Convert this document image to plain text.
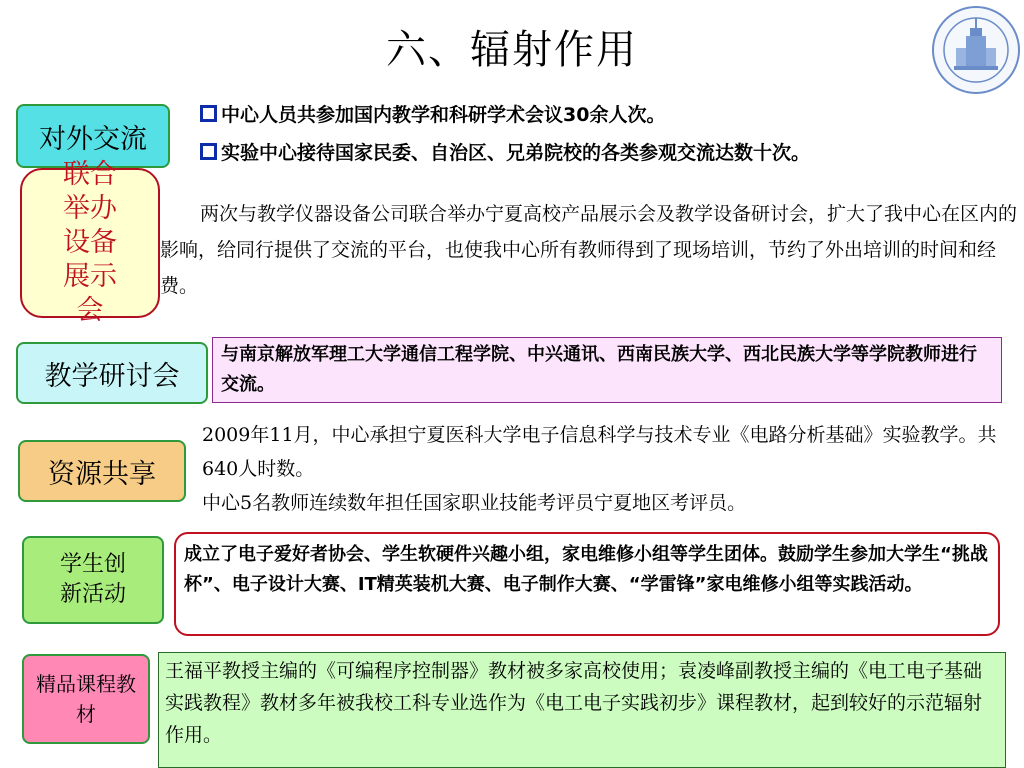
六、辐射作用
对外交流
联合举办设备展示会
教学研讨会
资源共享
学生创新活动
精品课程教材
中心人员共参加国内教学和科研学术会议30余人次。
实验中心接待国家民委、自治区、兄弟院校的各类参观交流达数十次。
两次与教学仪器设备公司联合举办宁夏高校产品展示会及教学设备研讨会，扩大了我中心在区内的影响，给同行提供了交流的平台，也使我中心所有教师得到了现场培训，节约了外出培训的时间和经费。
与南京解放军理工大学通信工程学院、中兴通讯、西南民族大学、西北民族大学等学院教师进行交流。
2009年11月，中心承担宁夏医科大学电子信息科学与技术专业《电路分析基础》实验教学。共640人时数。
中心5名教师连续数年担任国家职业技能考评员宁夏地区考评员。
成立了电子爱好者协会、学生软硬件兴趣小组，家电维修小组等学生团体。鼓励学生参加大学生“挑战杯”、电子设计大赛、IT精英装机大赛、电子制作大赛、“学雷锋”家电维修小组等实践活动。
王福平教授主编的《可编程序控制器》教材被多家高校使用；袁凌峰副教授主编的《电工电子基础实践教程》教材多年被我校工科专业选作为《电工电子实践初步》课程教材，起到较好的示范辐射作用。
